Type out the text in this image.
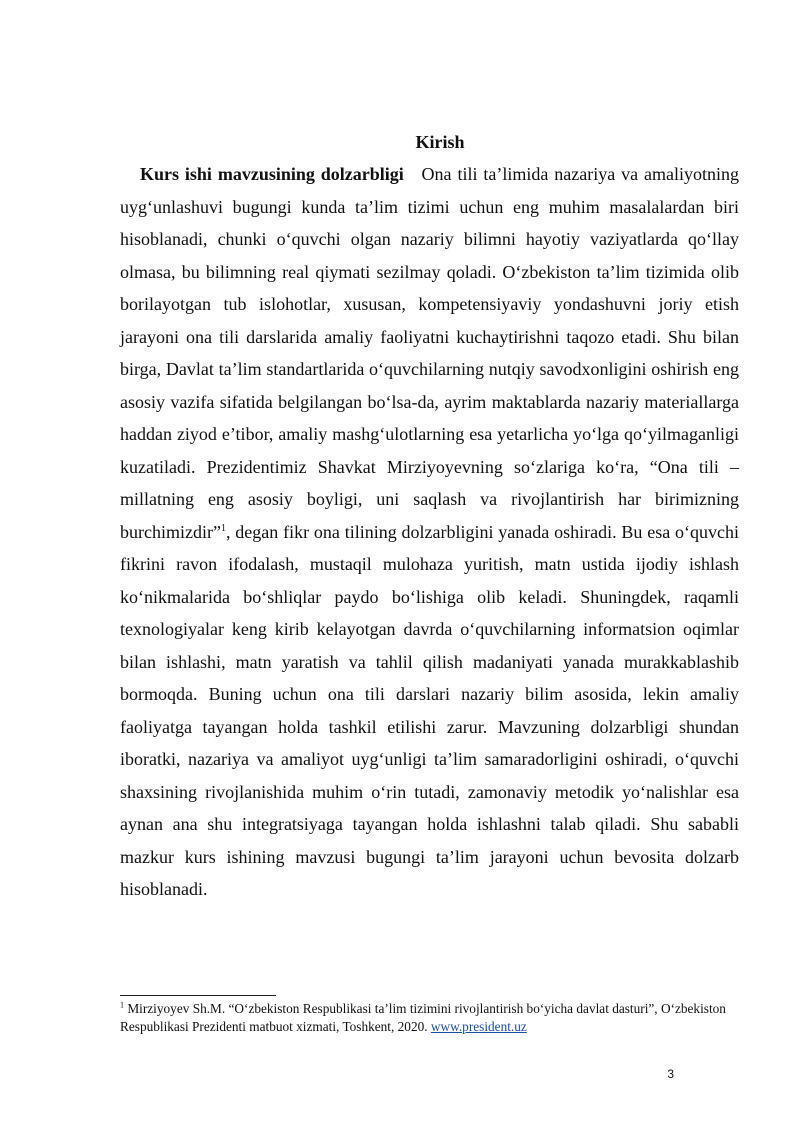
Kirish

Kurs ishi mavzusining dolzarbligi Ona tili ta’limida nazariya va amaliyotning uyg‘unlashuvi bugungi kunda ta’lim tizimi uchun eng muhim masalalardan biri hisoblanadi, chunki o‘quvchi olgan nazariy bilimni hayotiy vaziyatlarda qo‘llay olmasa, bu bilimning real qiymati sezilmay qoladi. O‘zbekiston ta’lim tizimida olib borilayotgan tub islohotlar, xususan, kompetensiyaviy yondashuvni joriy etish jarayoni ona tili darslarida amaliy faoliyatni kuchaytirishni taqozo etadi. Shu bilan birga, Davlat ta’lim standartlarida o‘quvchilarning nutqiy savodxonligini oshirish eng asosiy vazifa sifatida belgilangan bo‘lsa-da, ayrim maktablarda nazariy materiallarga haddan ziyod e’tibor, amaliy mashg‘ulotlarning esa yetarlicha yo‘lga qo‘yilmaganligi kuzatiladi. Prezidentimiz Shavkat Mirziyoyevning so‘zlariga ko‘ra, “Ona tili – millatning eng asosiy boyligi, uni saqlash va rivojlantirish har birimizning burchimizdir”$^1$, degan fikr ona tilining dolzarbligini yanada oshiradi. Bu esa o‘quvchi fikrini ravon ifodalash, mustaqil mulohaza yuritish, matn ustida ijodiy ishlash ko‘nikmalarida bo‘shliqlar paydo bo‘lishiga olib keladi. Shuningdek, raqamli texnologiyalar keng kirib kelayotgan davrda o‘quvchilarning informatsion oqimlar bilan ishlashi, matn yaratish va tahlil qilish madaniyati yanada murakkablashib bormoqda. Buning uchun ona tili darslari nazariy bilim asosida, lekin amaliy faoliyatga tayangan holda tashkil etilishi zarur. Mavzuning dolzarbligi shundan iboratki, nazariya va amaliyot uyg‘unligi ta’lim samaradorligini oshiradi, o‘quvchi shaxsining rivojlanishida muhim o‘rin tutadi, zamonaviy metodik yo‘nalishlar esa aynan ana shu integratsiyaga tayangan holda ishlashni talab qiladi. Shu sababli mazkur kurs ishining mavzusi bugungi ta’lim jarayoni uchun bevosita dolzarb hisoblanadi.

$^1$ Mirziyoyev Sh.M. “O‘zbekiston Respublikasi ta’lim tizimini rivojlantirish bo‘yicha davlat dasturi”, O‘zbekiston Respublikasi Prezidenti matbuot xizmati, Toshkent, 2020. www.president.uz

3
